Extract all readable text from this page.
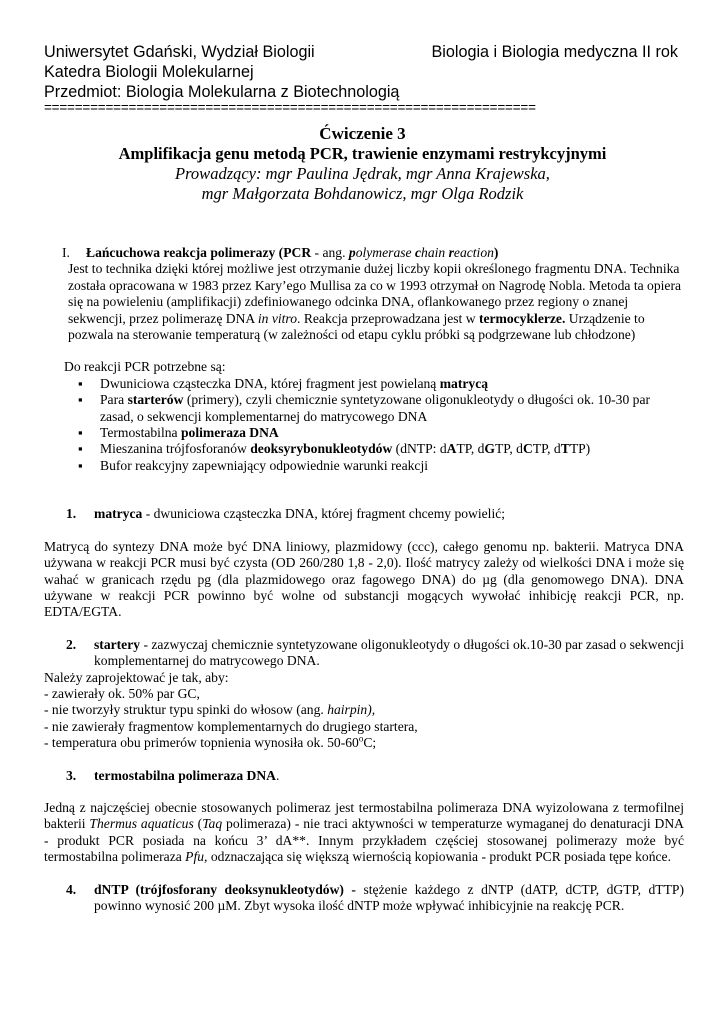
Uniwersytet Gdański, Wydział Biologii	Biologia i Biologia medyczna II rok
Katedra Biologii Molekularnej
Przedmiot: Biologia Molekularna z Biotechnologią
================================================================
Ćwiczenie 3
Amplifikacja genu metodą PCR, trawienie enzymami restrykcyjnymi
Prowadzący: mgr Paulina Jędrak, mgr Anna Krajewska,
mgr Małgorzata Bohdanowicz, mgr Olga Rodzik
I. Łańcuchowa reakcja polimerazy (PCR - ang. polymerase chain reaction)
Jest to technika dzięki której możliwe jest otrzymanie dużej liczby kopii określonego fragmentu DNA. Technika została opracowana w 1983 przez Kary’ego Mullisa za co w 1993 otrzymał on Nagrodę Nobla. Metoda ta opiera się na powieleniu (amplifikacji) zdefiniowanego odcinka DNA, oflankowanego przez regiony o znanej sekwencji, przez polimerazę DNA in vitro. Reakcja przeprowadzana jest w termocyklerze. Urządzenie to pozwala na sterowanie temperaturą (w zależności od etapu cyklu próbki są podgrzewane lub chłodzone)
Do reakcji PCR potrzebne są:
▪ Dwuniciowa cząsteczka DNA, której fragment jest powielaną matrycą
▪ Para starterów (primery), czyli chemicznie syntetyzowane oligonukleotydy o długości ok. 10-30 par zasad, o sekwencji komplementarnej do matrycowego DNA
▪ Termostabilna polimeraza DNA
▪ Mieszanina trójfosforanów deoksyrybonukleotydów (dNTP: dATP, dGTP, dCTP, dTTP)
▪ Bufor reakcyjny zapewniający odpowiednie warunki reakcji
1. matryca - dwuniciowa cząsteczka DNA, której fragment chcemy powielić;
Matrycą do syntezy DNA może być DNA liniowy, plazmidowy (ccc), całego genomu np. bakterii. Matryca DNA używana w reakcji PCR musi być czysta (OD 260/280 1,8 - 2,0). Ilość matrycy zależy od wielkości DNA i może się wahać w granicach rzędu pg (dla plazmidowego oraz fagowego DNA) do µg (dla genomowego DNA). DNA używane w reakcji PCR powinno być wolne od substancji mogących wywołać inhibicję reakcji PCR, np. EDTA/EGTA.
2. startery - zazwyczaj chemicznie syntetyzowane oligonukleotydy o długości ok.10-30 par zasad o sekwencji komplementarnej do matrycowego DNA.
Należy zaprojektować je tak, aby:
- zawierały ok. 50% par GC,
- nie tworzyły struktur typu spinki do włosow (ang. hairpin),
- nie zawierały fragmentow komplementarnych do drugiego startera,
- temperatura obu primerów topnienia wynosiła ok. 50-60$^o$C;
3. termostabilna polimeraza DNA.
Jedną z najczęściej obecnie stosowanych polimeraz jest termostabilna polimeraza DNA wyizolowana z termofilnej bakterii Thermus aquaticus (Taq polimeraza) - nie traci aktywności w temperaturze wymaganej do denaturacji DNA - produkt PCR posiada na końcu 3’ dA**. Innym przykładem częściej stosowanej polimerazy może być termostabilna polimeraza Pfu, odznaczająca się większą wiernością kopiowania - produkt PCR posiada tępe końce.
4. dNTP (trójfosforany deoksynukleotydów) - stężenie każdego z dNTP (dATP, dCTP, dGTP, dTTP) powinno wynosić 200 µM. Zbyt wysoka ilość dNTP może wpływać inhibicyjnie na reakcję PCR.
